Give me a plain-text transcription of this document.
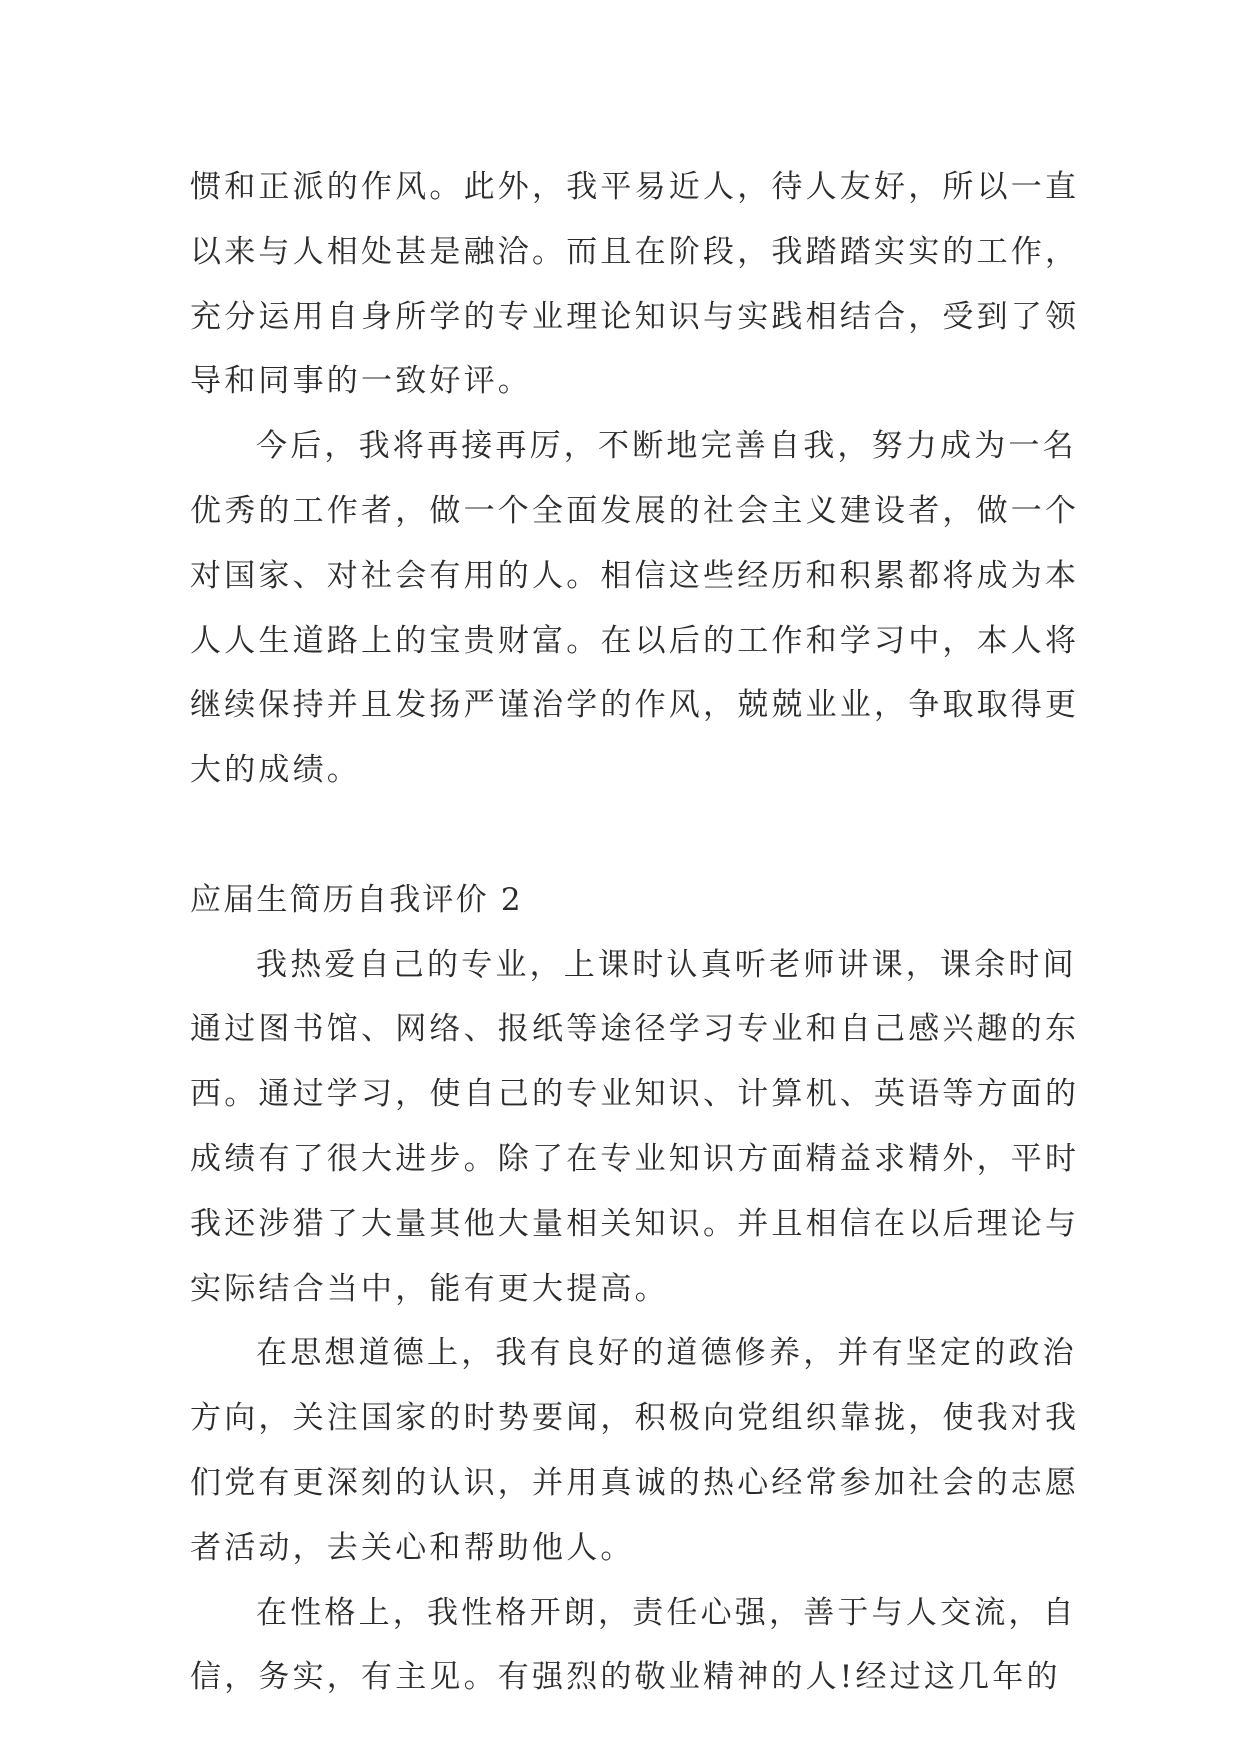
惯和正派的作风。此外，我平易近人，待人友好，所以一直
以来与人相处甚是融洽。而且在阶段，我踏踏实实的工作，
充分运用自身所学的专业理论知识与实践相结合，受到了领
导和同事的一致好评。
今后，我将再接再厉，不断地完善自我，努力成为一名
优秀的工作者，做一个全面发展的社会主义建设者，做一个
对国家、对社会有用的人。相信这些经历和积累都将成为本
人人生道路上的宝贵财富。在以后的工作和学习中，本人将
继续保持并且发扬严谨治学的作风，兢兢业业，争取取得更
大的成绩。
应届生简历自我评价 2
我热爱自己的专业，上课时认真听老师讲课，课余时间
通过图书馆、网络、报纸等途径学习专业和自己感兴趣的东
西。通过学习，使自己的专业知识、计算机、英语等方面的
成绩有了很大进步。除了在专业知识方面精益求精外，平时
我还涉猎了大量其他大量相关知识。并且相信在以后理论与
实际结合当中，能有更大提高。
在思想道德上，我有良好的道德修养，并有坚定的政治
方向，关注国家的时势要闻，积极向党组织靠拢，使我对我
们党有更深刻的认识，并用真诚的热心经常参加社会的志愿
者活动，去关心和帮助他人。
在性格上，我性格开朗，责任心强，善于与人交流，自
信，务实，有主见。有强烈的敬业精神的人!经过这几年的
